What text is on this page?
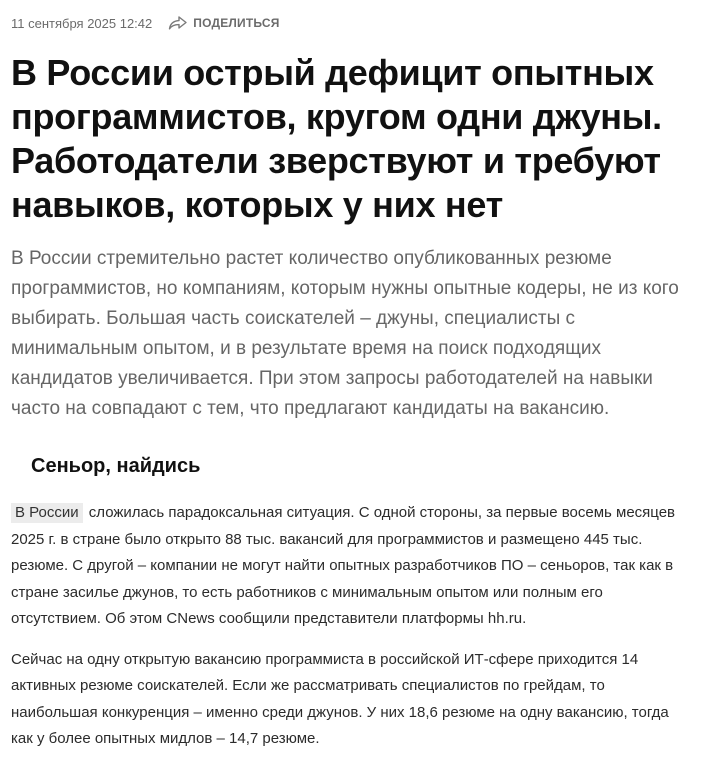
11 сентября 2025 12:42	ПОДЕЛИТЬСЯ
В России острый дефицит опытных программистов, кругом одни джуны. Работодатели зверствуют и требуют навыков, которых у них нет

В России стремительно растет количество опубликованных резюме программистов, но компаниям, которым нужны опытные кодеры, не из кого выбирать. Большая часть соискателей – джуны, специалисты с минимальным опытом, и в результате время на поиск подходящих кандидатов увеличивается. При этом запросы работодателей на навыки часто на совпадают с тем, что предлагают кандидаты на вакансию.

Сеньор, найдись

В России сложилась парадоксальная ситуация. С одной стороны, за первые восемь месяцев 2025 г. в стране было открыто 88 тыс. вакансий для программистов и размещено 445 тыс. резюме. С другой – компании не могут найти опытных разработчиков ПО – сеньоров, так как в стране засилье джунов, то есть работников с минимальным опытом или полным его отсутствием. Об этом CNews сообщили представители платформы hh.ru.

Сейчас на одну открытую вакансию программиста в российской ИТ-сфере приходится 14 активных резюме соискателей. Если же рассматривать специалистов по грейдам, то наибольшая конкуренция – именно среди джунов. У них 18,6 резюме на одну вакансию, тогда как у более опытных мидлов – 14,7 резюме.
